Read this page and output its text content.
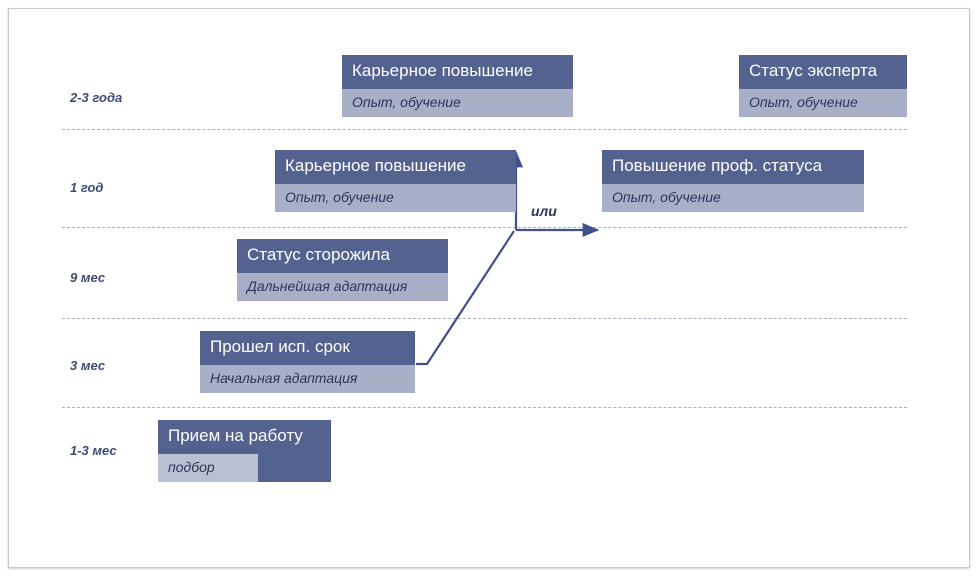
2-3 года
1 год
9 мес
3 мес
1-3 мес
или
Прием на работу
подбор
Прошел исп. срок
Начальная адаптация
Статус сторожила
Дальнейшая адаптация
Карьерное повышение
Опыт, обучение
Повышение проф. статуса
Опыт, обучение
Карьерное повышение
Опыт, обучение
Статус эксперта
Опыт, обучение
